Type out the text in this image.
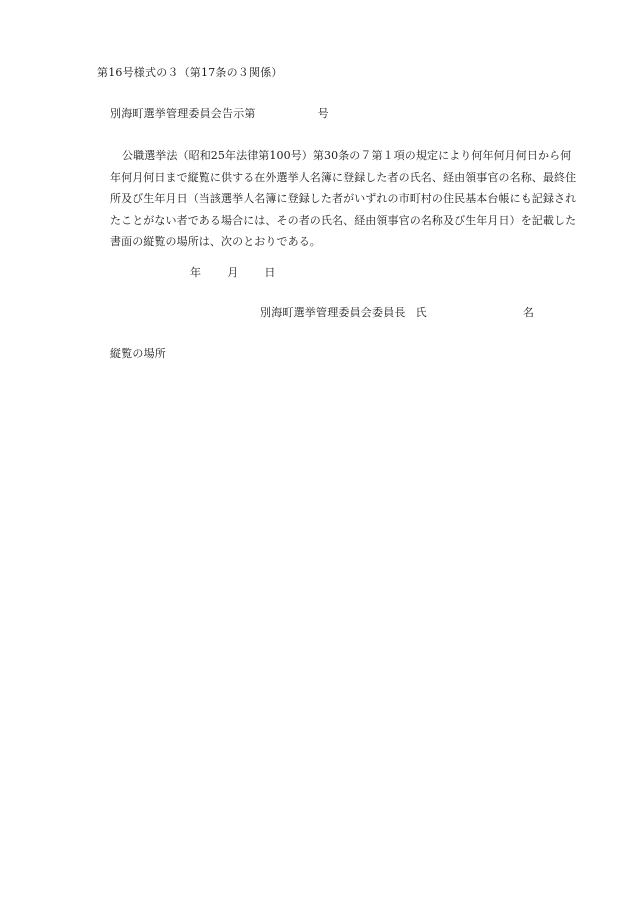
第16号様式の３（第17条の３関係）
別海町選挙管理委員会告示第	号
公職選挙法（昭和25年法律第100号）第30条の７第１項の規定により何年何月何日から何年何月何日まで縦覧に供する在外選挙人名簿に登録した者の氏名、経由領事官の名称、最終住所及び生年月日（当該選挙人名簿に登録した者がいずれの市町村の住民基本台帳にも記録されたことがない者である場合には、その者の氏名、経由領事官の名称及び生年月日）を記載した書面の縦覧の場所は、次のとおりである。
年 月 日
別海町選挙管理委員会委員長 氏	名
縦覧の場所
